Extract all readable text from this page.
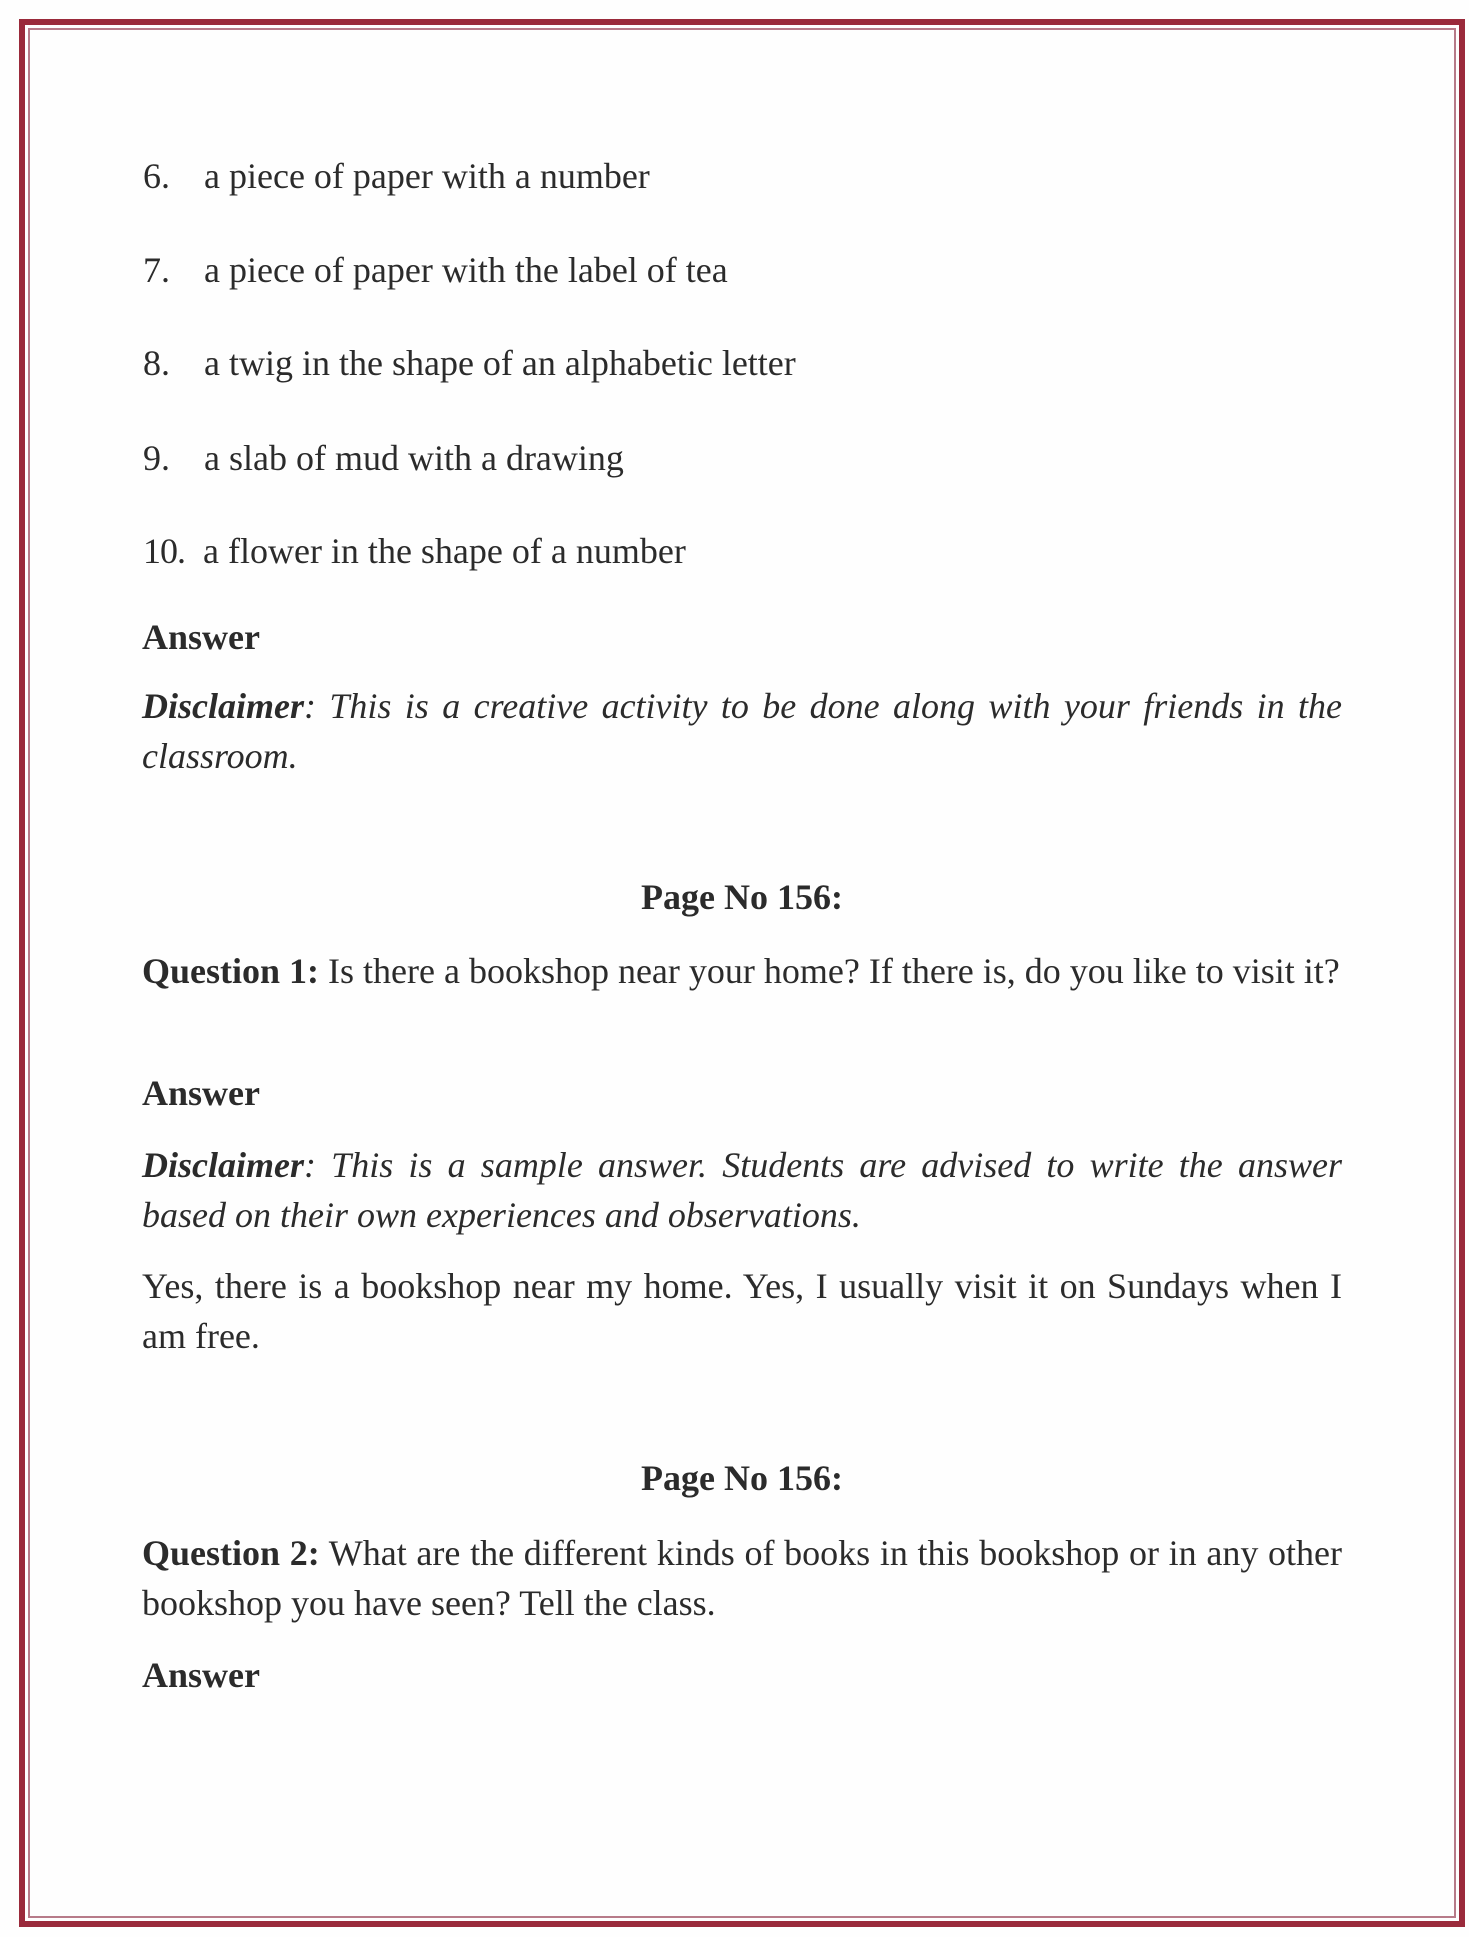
6. a piece of paper with a number
7. a piece of paper with the label of tea
8. a twig in the shape of an alphabetic letter
9. a slab of mud with a drawing
10. a flower in the shape of a number
Answer
Disclaimer: This is a creative activity to be done along with your friends in the classroom.
Page No 156:
Question 1: Is there a bookshop near your home? If there is, do you like to visit it?
Answer
Disclaimer: This is a sample answer. Students are advised to write the answer based on their own experiences and observations.
Yes, there is a bookshop near my home. Yes, I usually visit it on Sundays when I am free.
Page No 156:
Question 2: What are the different kinds of books in this bookshop or in any other bookshop you have seen? Tell the class.
Answer
